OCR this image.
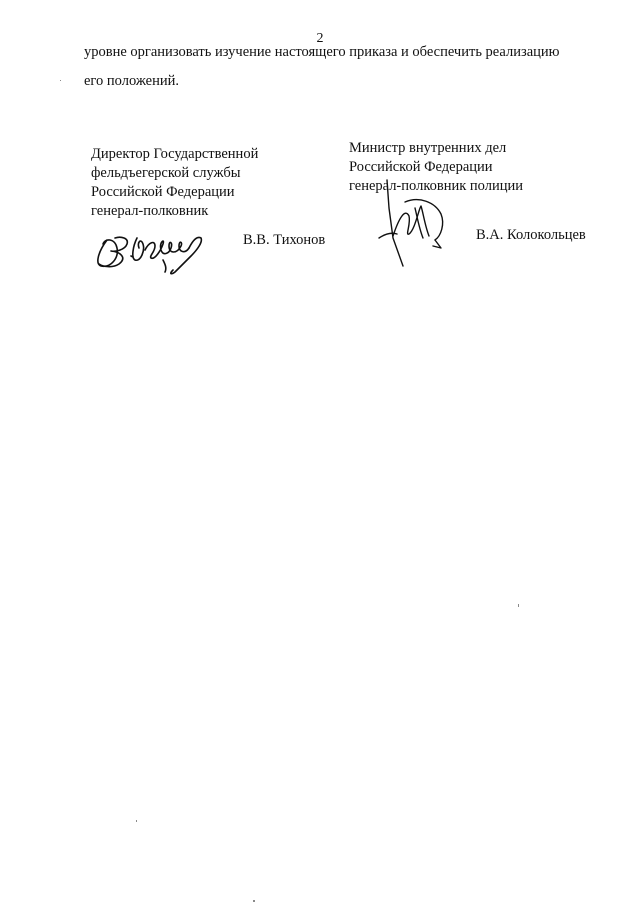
2
уровне организовать изучение настоящего приказа и обеспечить реализацию
его положений.
Директор Государственной
фельдъегерской службы
Российской Федерации
генерал-полковник
В.В. Тихонов
Министр внутренних дел
Российской Федерации
генерал-полковник полиции
В.А. Колокольцев
